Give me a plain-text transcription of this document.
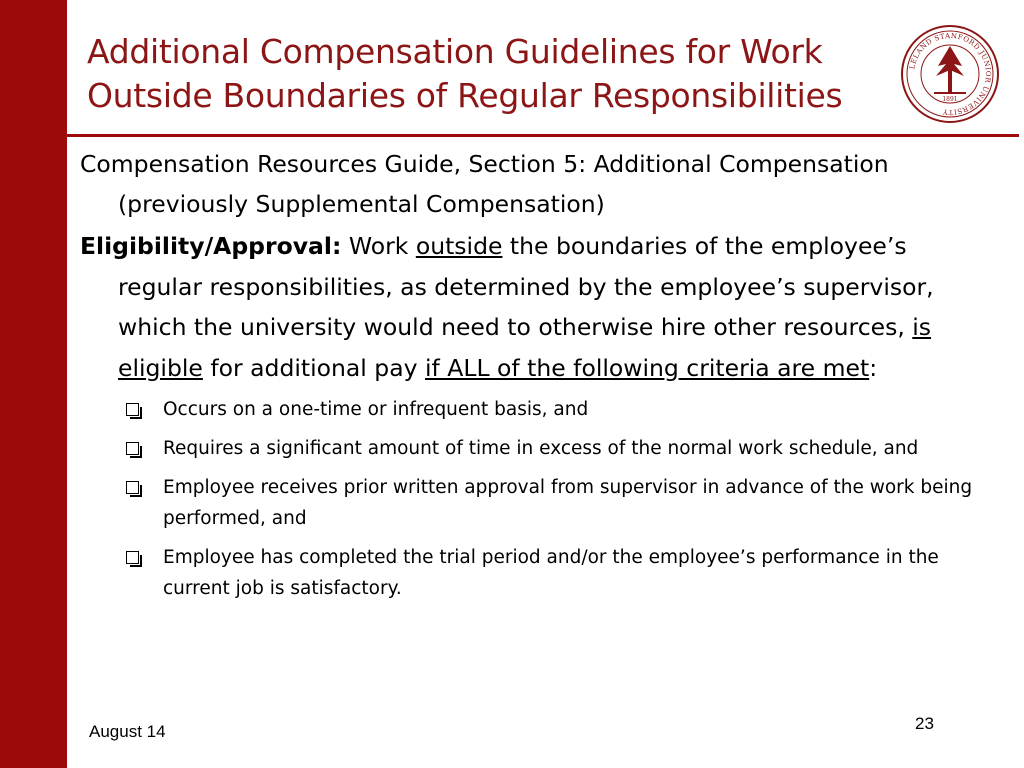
Additional Compensation Guidelines for Work
Outside Boundaries of Regular Responsibilities
LELAND STANFORD JUNIOR UNIVERSITY
1891

Compensation Resources Guide, Section 5: Additional Compensation (previously Supplemental Compensation)

Eligibility/Approval: Work outside the boundaries of the employee’s regular responsibilities, as determined by the employee’s supervisor, which the university would need to otherwise hire other resources, is eligible for additional pay if ALL of the following criteria are met:

Occurs on a one-time or infrequent basis, and
Requires a significant amount of time in excess of the normal work schedule, and
Employee receives prior written approval from supervisor in advance of the work being performed, and
Employee has completed the trial period and/or the employee’s performance in the current job is satisfactory.
August 14	23
